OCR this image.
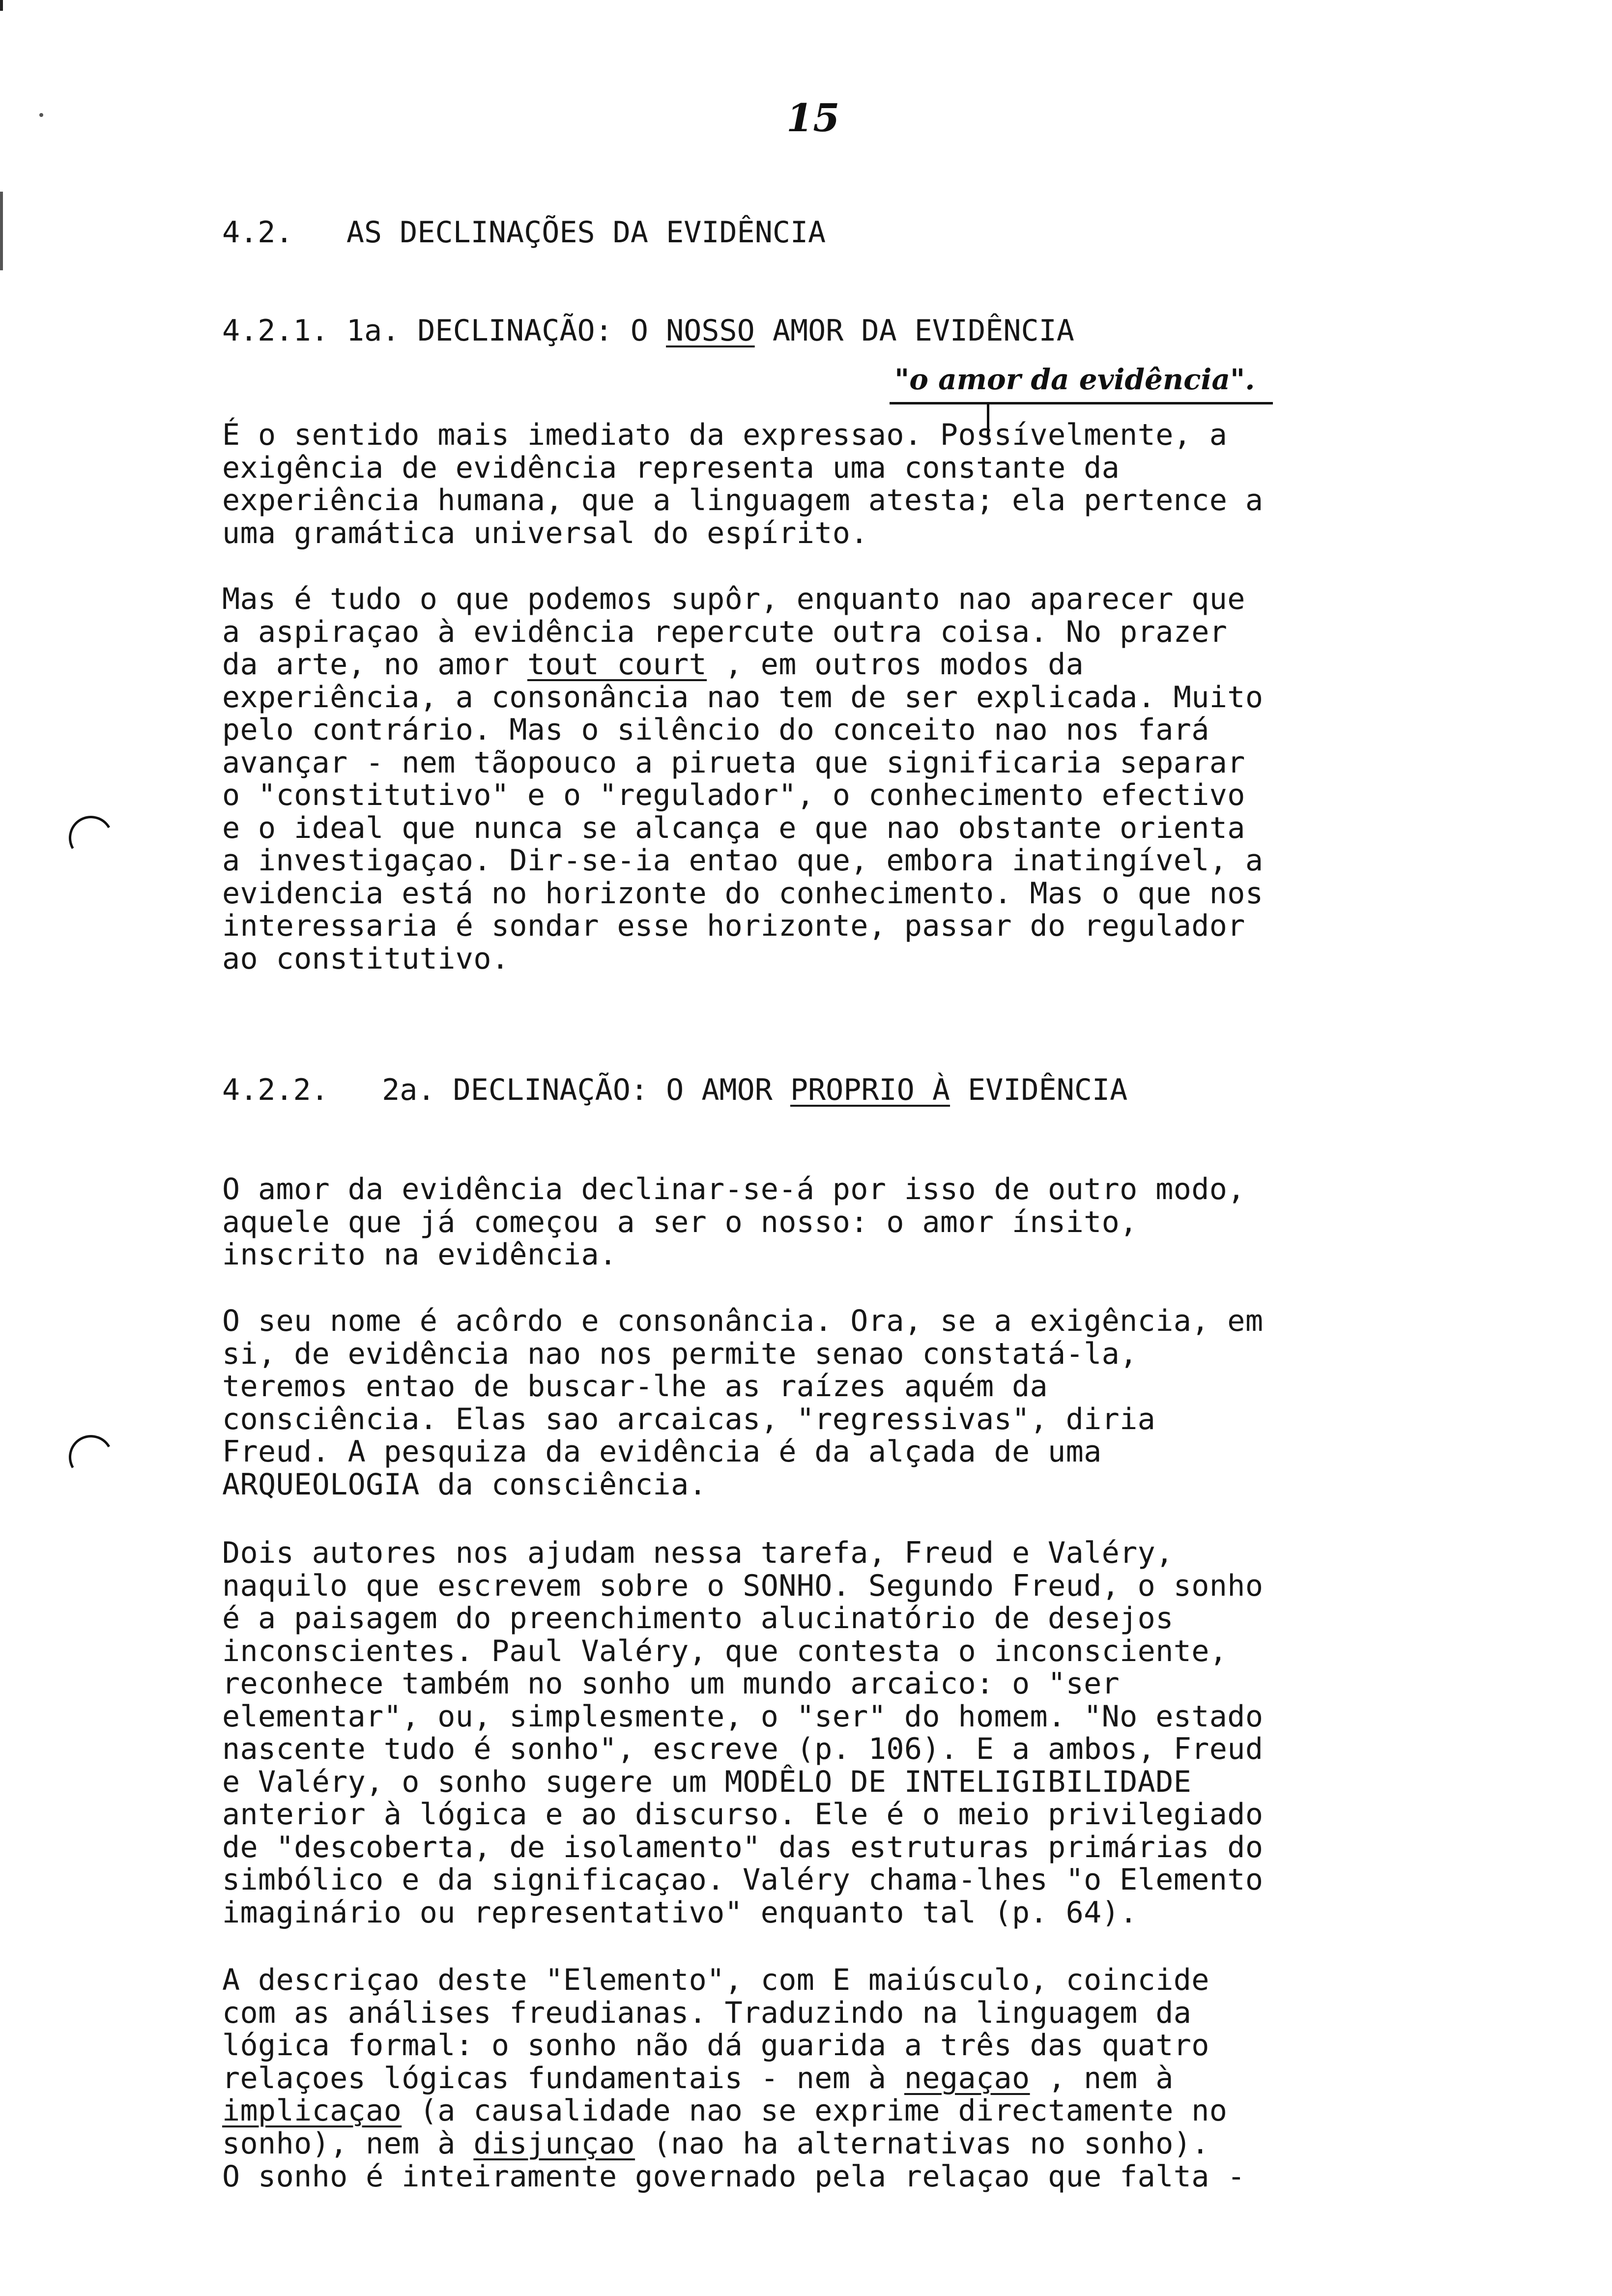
15
4.2.   AS DECLINAÇÕES DA EVIDÊNCIA
4.2.1. 1a. DECLINAÇÃO: O NOSSO AMOR DA EVIDÊNCIA
"o amor da evidência".
É o sentido mais imediato da expressao. Possívelmente, a
exigência de evidência representa uma constante da
experiência humana, que a linguagem atesta; ela pertence a
uma gramática universal do espírito.
Mas é tudo o que podemos supôr, enquanto nao aparecer que
a aspiraçao à evidência repercute outra coisa. No prazer
da arte, no amor tout court , em outros modos da
experiência, a consonância nao tem de ser explicada. Muito
pelo contrário. Mas o silêncio do conceito nao nos fará
avançar - nem tãopouco a pirueta que significaria separar
o "constitutivo" e o "regulador", o conhecimento efectivo
e o ideal que nunca se alcança e que nao obstante orienta
a investigaçao. Dir-se-ia entao que, embora inatingível, a
evidencia está no horizonte do conhecimento. Mas o que nos
interessaria é sondar esse horizonte, passar do regulador
ao constitutivo.
4.2.2.   2a. DECLINAÇÃO: O AMOR PROPRIO À EVIDÊNCIA
O amor da evidência declinar-se-á por isso de outro modo,
aquele que já começou a ser o nosso: o amor ínsito,
inscrito na evidência.
O seu nome é acôrdo e consonância. Ora, se a exigência, em
si, de evidência nao nos permite senao constatá-la,
teremos entao de buscar-lhe as raízes aquém da
consciência. Elas sao arcaicas, "regressivas", diria
Freud. A pesquiza da evidência é da alçada de uma
ARQUEOLOGIA da consciência.
Dois autores nos ajudam nessa tarefa, Freud e Valéry,
naquilo que escrevem sobre o SONHO. Segundo Freud, o sonho
é a paisagem do preenchimento alucinatório de desejos
inconscientes. Paul Valéry, que contesta o inconsciente,
reconhece também no sonho um mundo arcaico: o "ser
elementar", ou, simplesmente, o "ser" do homem. "No estado
nascente tudo é sonho", escreve (p. 106). E a ambos, Freud
e Valéry, o sonho sugere um MODÊLO DE INTELIGIBILIDADE
anterior à lógica e ao discurso. Ele é o meio privilegiado
de "descoberta, de isolamento" das estruturas primárias do
simbólico e da significaçao. Valéry chama-lhes "o Elemento
imaginário ou representativo" enquanto tal (p. 64).
A descriçao deste "Elemento", com E maiúsculo, coincide
com as análises freudianas. Traduzindo na linguagem da
lógica formal: o sonho não dá guarida a três das quatro
relaçoes lógicas fundamentais - nem à negaçao , nem à
implicaçao (a causalidade nao se exprime directamente no
sonho), nem à disjunçao (nao ha alternativas no sonho).
O sonho é inteiramente governado pela relaçao que falta -
